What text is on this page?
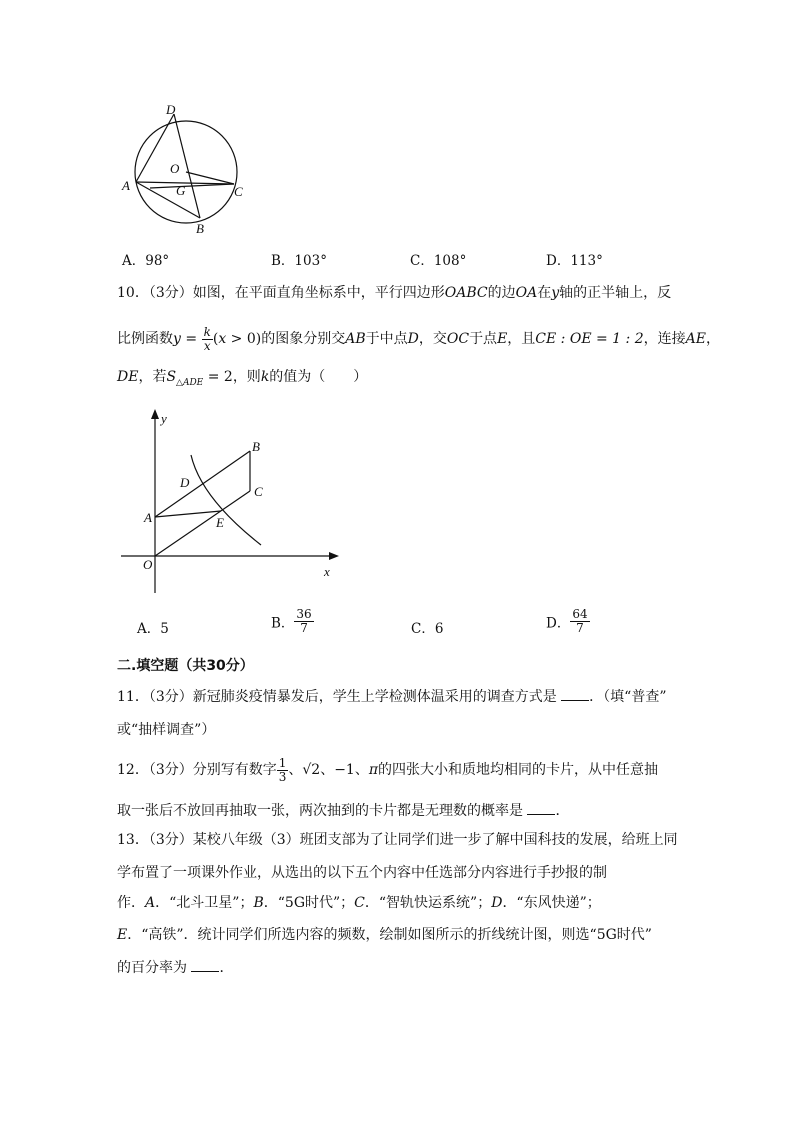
D
O
A	G	C
B
A．98°	B．103°	C．108°	D．113°
10．（3分）如图，在平面直角坐标系中，平行四边形OABC的边OA在y轴的正半轴上，反
比例函数$y = \frac{k}{x} (x > 0)$的图象分别交AB于中点D，交OC于点E，且CE : OE = 1 : 2，连接AE，
DE，若$S_{\triangle ADE} = 2$，则k的值为（　　）
y
x
O
A
B
C
D
E
A．5	B． $\frac{36}{7}$	C．6	D． $\frac{64}{7}$
二.填空题（共30分）
11．（3分）新冠肺炎疫情暴发后，学生上学检测体温采用的调查方式是 ．（填“普查”
或“抽样调查”）
12．（3分）分别写有数字 $\frac{1}{3}$ 、√2、−1、π的四张大小和质地均相同的卡片，从中任意抽
取一张后不放回再抽取一张，两次抽到的卡片都是无理数的概率是 ．
13．（3分）某校八年级（3）班团支部为了让同学们进一步了解中国科技的发展，给班上同
学布置了一项课外作业，从选出的以下五个内容中任选部分内容进行手抄报的制
作．A．“北斗卫星”；B．“5G时代”；C．“智轨快运系统”；D．“东风快递”；
E．“高铁”．统计同学们所选内容的频数，绘制如图所示的折线统计图，则选“5G时代”
的百分率为 ．
